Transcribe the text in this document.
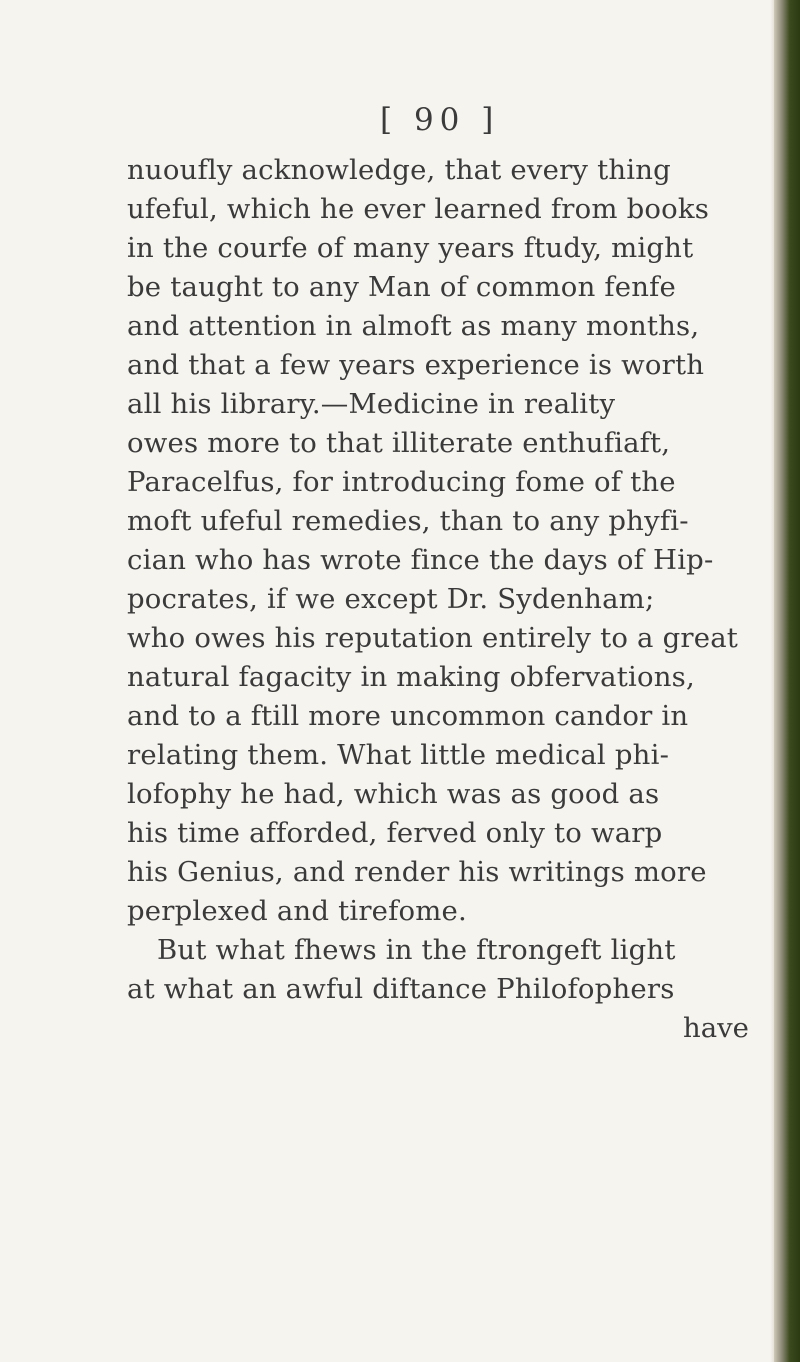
[ 90 ]
nuoufly acknowledge, that every thing
ufeful, which he ever learned from books
in the courfe of many years ftudy, might
be taught to any Man of common fenfe
and attention in almoft as many months,
and that a few years experience is worth
all his library.—Medicine in reality
owes more to that illiterate enthufiaft,
Paracelfus, for introducing fome of the
moft ufeful remedies, than to any phyfi-
cian who has wrote fince the days of Hip-
pocrates, if we except Dr. Sydenham;
who owes his reputation entirely to a great
natural fagacity in making obfervations,
and to a ftill more uncommon candor in
relating them. What little medical phi-
lofophy he had, which was as good as
his time afforded, ferved only to warp
his Genius, and render his writings more
perplexed and tirefome.
But what fhews in the ftrongeft light
at what an awful diftance Philofophers
have
